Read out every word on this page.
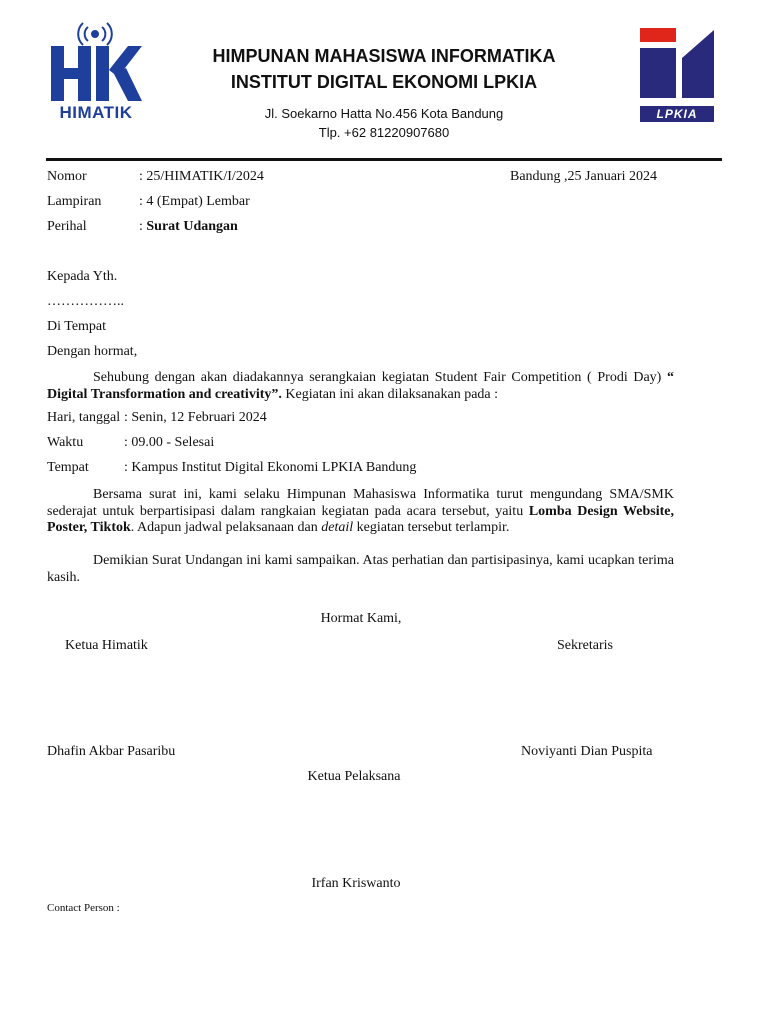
HIMATIK
HIMPUNAN MAHASISWA INFORMATIKA
INSTITUT DIGITAL EKONOMI LPKIA
Jl. Soekarno Hatta No.456 Kota Bandung
Tlp. +62 81220907680
LPKIA
Nomor	: 25/HIMATIK/I/2024	Bandung ,25 Januari 2024
Lampiran	: 4 (Empat) Lembar
Perihal	: Surat Udangan
Kepada Yth.
……………..
Di Tempat
Dengan hormat,
Sehubung dengan akan diadakannya serangkaian kegiatan Student Fair Competition ( Prodi Day) “ Digital Transformation and creativity”. Kegiatan ini akan dilaksanakan pada :
Hari, tanggal : Senin, 12 Februari 2024
Waktu	: 09.00 - Selesai
Tempat	: Kampus Institut Digital Ekonomi LPKIA Bandung
Bersama surat ini, kami selaku Himpunan Mahasiswa Informatika turut mengundang SMA/SMK sederajat untuk berpartisipasi dalam rangkaian kegiatan pada acara tersebut, yaitu Lomba Design Website, Poster, Tiktok. Adapun jadwal pelaksanaan dan detail kegiatan tersebut terlampir.
Demikian Surat Undangan ini kami sampaikan. Atas perhatian dan partisipasinya, kami ucapkan terima kasih.
Hormat Kami,
Ketua Himatik	Sekretaris
Dhafin Akbar Pasaribu	Noviyanti Dian Puspita
Ketua Pelaksana
Irfan Kriswanto
Contact Person :
